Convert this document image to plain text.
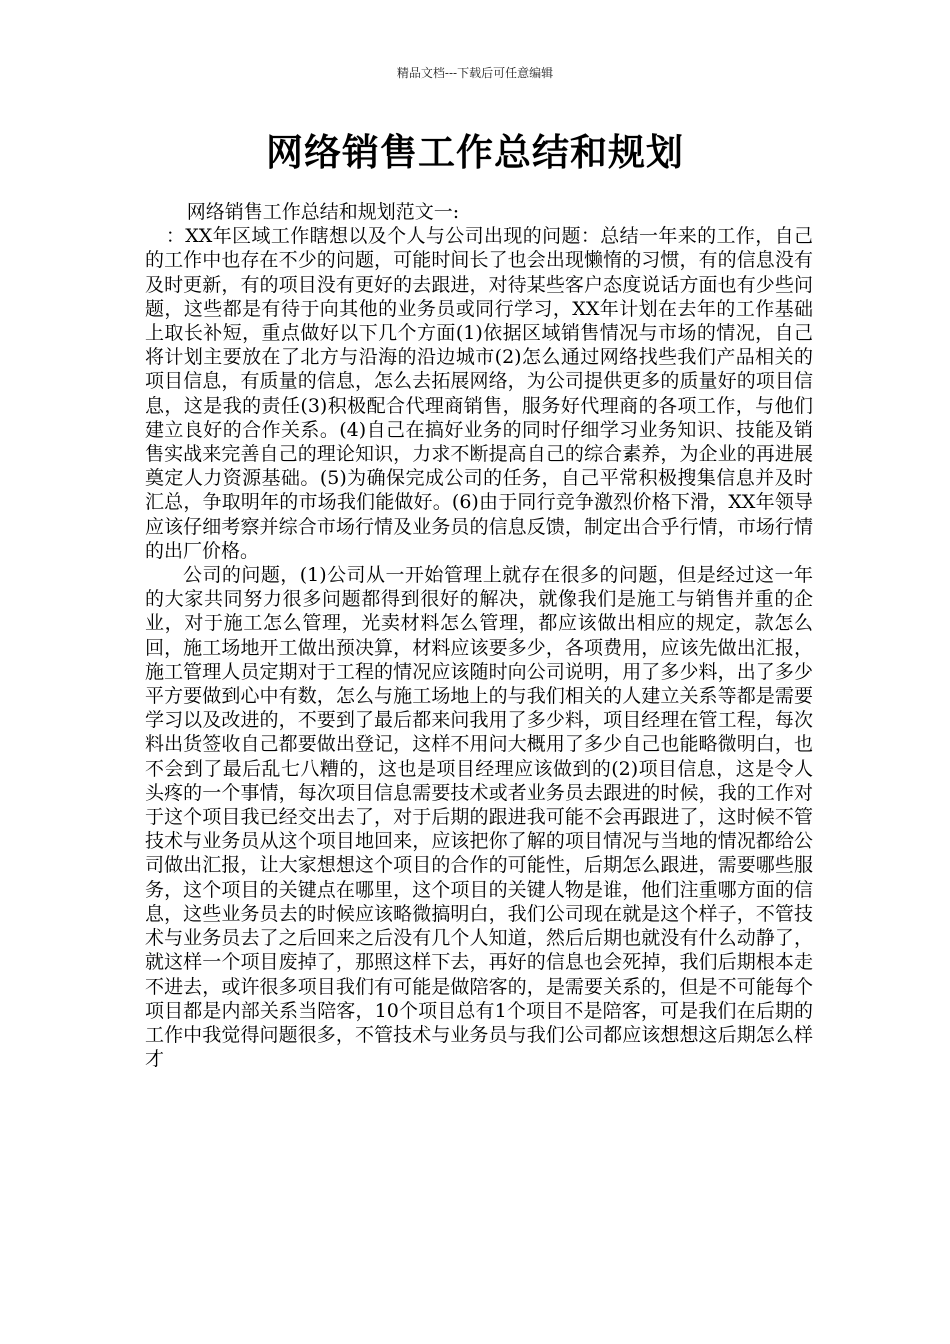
精品文档---下载后可任意编辑
网络销售工作总结和规划

网络销售工作总结和规划范文一:

：XX年区域工作瞎想以及个人与公司出现的问题：总结一年来的工作，自己的工作中也存在不少的问题，可能时间长了也会出现懒惰的习惯，有的信息没有及时更新，有的项目没有更好的去跟进，对待某些客户态度说话方面也有少些问题，这些都是有待于向其他的业务员或同行学习，XX年计划在去年的工作基础上取长补短，重点做好以下几个方面(1)依据区域销售情况与市场的情况，自己将计划主要放在了北方与沿海的沿边城市(2)怎么通过网络找些我们产品相关的项目信息，有质量的信息，怎么去拓展网络，为公司提供更多的质量好的项目信息，这是我的责任(3)积极配合代理商销售，服务好代理商的各项工作，与他们建立良好的合作关系。(4)自己在搞好业务的同时仔细学习业务知识、技能及销售实战来完善自己的理论知识，力求不断提高自己的综合素养，为企业的再进展奠定人力资源基础。(5)为确保完成公司的任务，自己平常积极搜集信息并及时汇总，争取明年的市场我们能做好。(6)由于同行竞争激烈价格下滑，XX年领导应该仔细考察并综合市场行情及业务员的信息反馈，制定出合乎行情，市场行情的出厂价格。

公司的问题，(1)公司从一开始管理上就存在很多的问题，但是经过这一年的大家共同努力很多问题都得到很好的解决，就像我们是施工与销售并重的企业，对于施工怎么管理，光卖材料怎么管理，都应该做出相应的规定，款怎么回，施工场地开工做出预决算，材料应该要多少，各项费用，应该先做出汇报，施工管理人员定期对于工程的情况应该随时向公司说明，用了多少料，出了多少平方要做到心中有数，怎么与施工场地上的与我们相关的人建立关系等都是需要学习以及改进的，不要到了最后都来问我用了多少料，项目经理在管工程，每次料出货签收自己都要做出登记，这样不用问大概用了多少自己也能略微明白，也不会到了最后乱七八糟的，这也是项目经理应该做到的(2)项目信息，这是令人头疼的一个事情，每次项目信息需要技术或者业务员去跟进的时候，我的工作对于这个项目我已经交出去了，对于后期的跟进我可能不会再跟进了，这时候不管技术与业务员从这个项目地回来，应该把你了解的项目情况与当地的情况都给公司做出汇报，让大家想想这个项目的合作的可能性，后期怎么跟进，需要哪些服务，这个项目的关键点在哪里，这个项目的关键人物是谁，他们注重哪方面的信息，这些业务员去的时候应该略微搞明白，我们公司现在就是这个样子，不管技术与业务员去了之后回来之后没有几个人知道，然后后期也就没有什么动静了，就这样一个项目废掉了，那照这样下去，再好的信息也会死掉，我们后期根本走不进去，或许很多项目我们有可能是做陪客的，是需要关系的，但是不可能每个项目都是内部关系当陪客，10个项目总有1个项目不是陪客，可是我们在后期的工作中我觉得问题很多，不管技术与业务员与我们公司都应该想想这后期怎么样才
